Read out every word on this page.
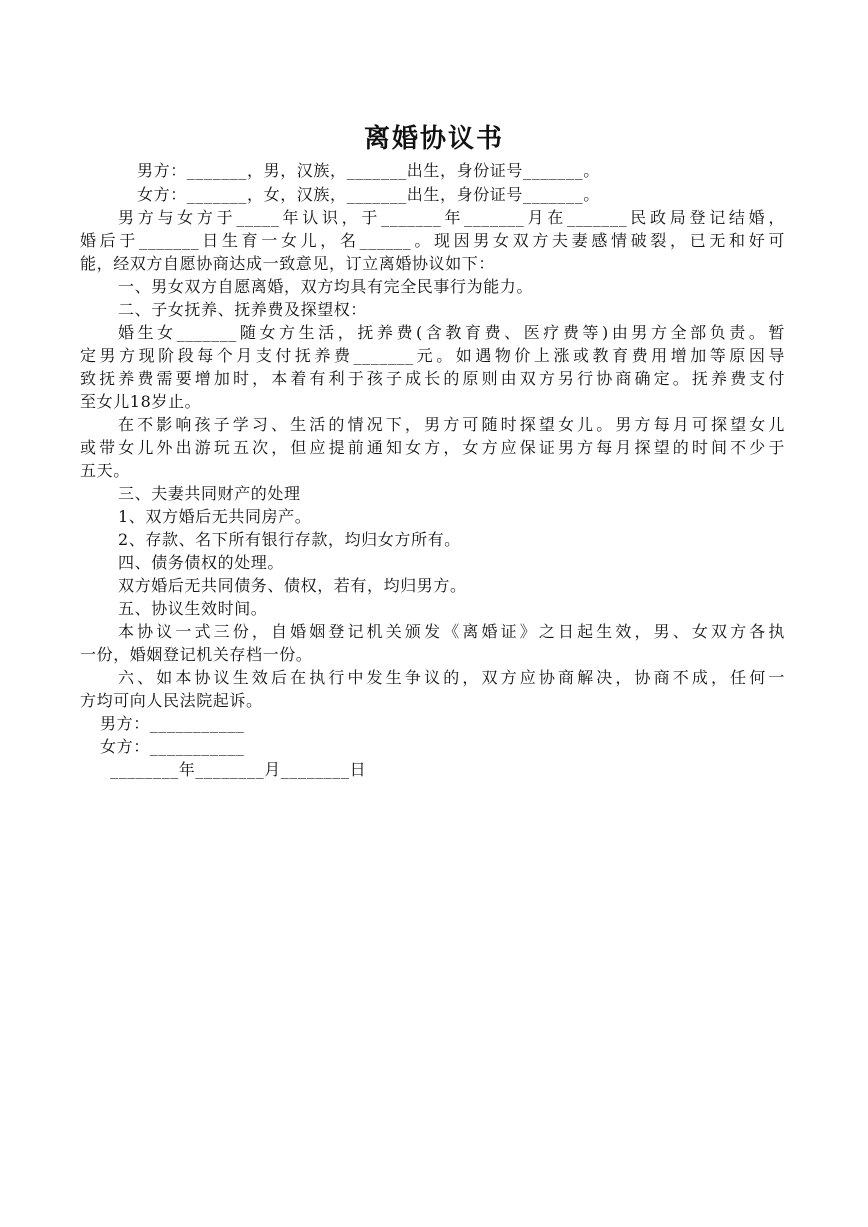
离婚协议书
男方：_______，男，汉族，_______出生，身份证号_______。
女方：_______，女，汉族，_______出生，身份证号_______。
男方与女方于_____年认识，于_______年_______月在_______民政局登记结婚，
婚后于_______日生育一女儿，名______。现因男女双方夫妻感情破裂，已无和好可
能，经双方自愿协商达成一致意见，订立离婚协议如下：
一、男女双方自愿离婚，双方均具有完全民事行为能力。
二、子女抚养、抚养费及探望权：
婚生女_______随女方生活，抚养费(含教育费、医疗费等)由男方全部负责。暂
定男方现阶段每个月支付抚养费_______元。如遇物价上涨或教育费用增加等原因导
致抚养费需要增加时，本着有利于孩子成长的原则由双方另行协商确定。抚养费支付
至女儿18岁止。
在不影响孩子学习、生活的情况下，男方可随时探望女儿。男方每月可探望女儿
或带女儿外出游玩五次，但应提前通知女方，女方应保证男方每月探望的时间不少于
五天。
三、夫妻共同财产的处理
1、双方婚后无共同房产。
2、存款、名下所有银行存款，均归女方所有。
四、债务债权的处理。
双方婚后无共同债务、债权，若有，均归男方。
五、协议生效时间。
本协议一式三份，自婚姻登记机关颁发《离婚证》之日起生效，男、女双方各执
一份，婚姻登记机关存档一份。
六、如本协议生效后在执行中发生争议的，双方应协商解决，协商不成，任何一
方均可向人民法院起诉。
男方：___________
女方：___________
________年________月________日
